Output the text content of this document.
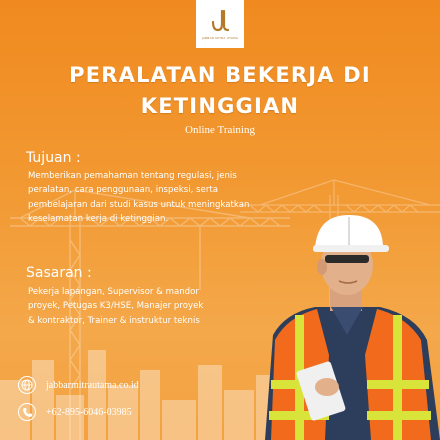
JABBAR MITRA UTAMA
PERALATAN BEKERJA DI
KETINGGIAN
Online Training
Tujuan :
Memberikan pemahaman tentang regulasi, jenis
peralatan, cara penggunaan, inspeksi, serta
pembelajaran dari studi kasus untuk meningkatkan
keselamatan kerja di ketinggian.
Sasaran :
Pekerja lapangan, Supervisor & mandor
proyek, Petugas K3/HSE, Manajer proyek
& kontraktor, Trainer & instruktur teknis
jabbarmitrautama.co.id
+62-895-6046-03985
